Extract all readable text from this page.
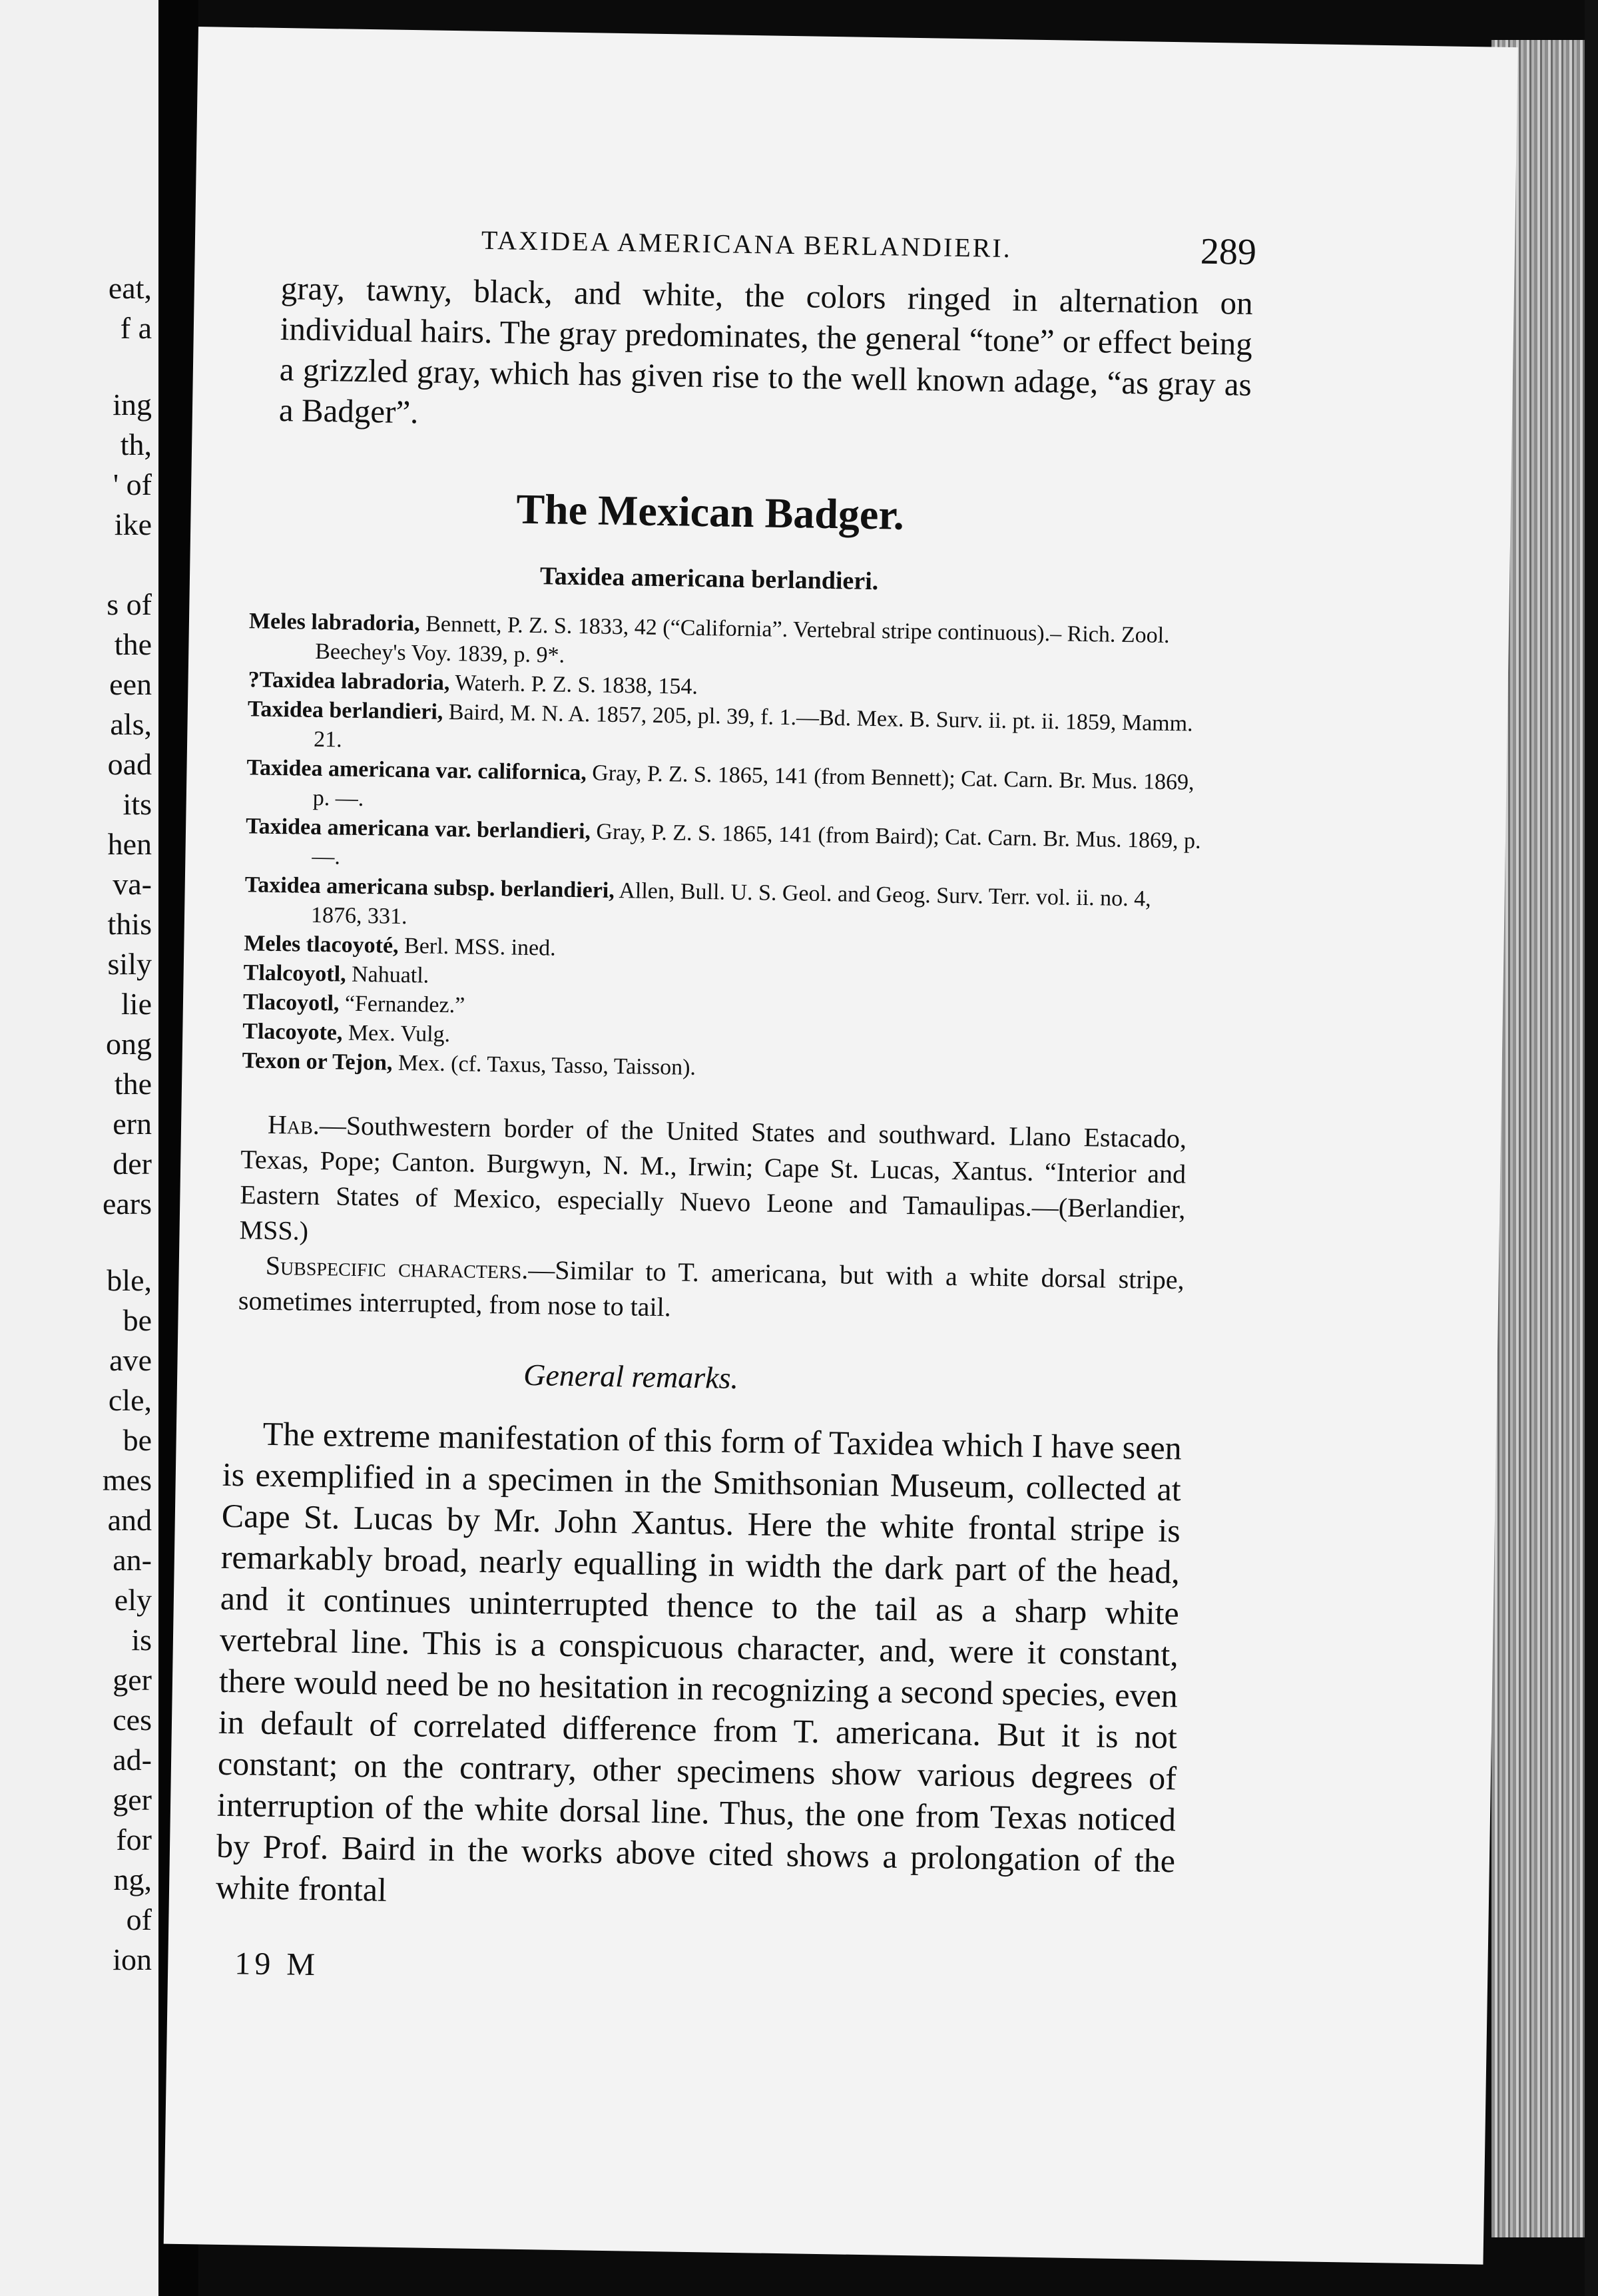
eat,
f a
ing
th,
' of
ike
s of
the
een
als,
oad
its
hen
va-
this
sily
lie
ong
the
ern
der
ears
ble,
be
ave
cle,
be
mes
and
an-
ely
is
ger
ces
ad-
ger
for
ng,
of
ion
TAXIDEA AMERICANA BERLANDIERI.	289
gray, tawny, black, and white, the colors ringed in alternation on individual hairs. The gray predominates, the general “tone” or effect being a grizzled gray, which has given rise to the well known adage, “as gray as a Badger”.
The Mexican Badger.
Taxidea americana berlandieri.

Meles labradoria, Bennett, P. Z. S. 1833, 42 (“California”. Vertebral stripe continuous).– Rich. Zool. Beechey's Voy. 1839, p. 9*.

?Taxidea labradoria, Waterh. P. Z. S. 1838, 154.

Taxidea berlandieri, Baird, M. N. A. 1857, 205, pl. 39, f. 1.—Bd. Mex. B. Surv. ii. pt. ii. 1859, Mamm. 21.

Taxidea americana var. californica, Gray, P. Z. S. 1865, 141 (from Bennett); Cat. Carn. Br. Mus. 1869, p. —.

Taxidea americana var. berlandieri, Gray, P. Z. S. 1865, 141 (from Baird); Cat. Carn. Br. Mus. 1869, p. —.

Taxidea americana subsp. berlandieri, Allen, Bull. U. S. Geol. and Geog. Surv. Terr. vol. ii. no. 4, 1876, 331.

Meles tlacoyoté, Berl. MSS. ined.

Tlalcoyotl, Nahuatl.

Tlacoyotl, “Fernandez.”

Tlacoyote, Mex. Vulg.

Texon or Tejon, Mex. (cf. Taxus, Tasso, Taisson).

Hab.—Southwestern border of the United States and southward. Llano Estacado, Texas, Pope; Canton. Burgwyn, N. M., Irwin; Cape St. Lucas, Xantus. “Interior and Eastern States of Mexico, especially Nuevo Leone and Tamaulipas.—(Berlandier, MSS.)

Subspecific characters.—Similar to T. americana, but with a white dorsal stripe, sometimes interrupted, from nose to tail.

General remarks.

The extreme manifestation of this form of Taxidea which I have seen is exemplified in a specimen in the Smithsonian Museum, collected at Cape St. Lucas by Mr. John Xantus. Here the white frontal stripe is remarkably broad, nearly equalling in width the dark part of the head, and it continues uninterrupted thence to the tail as a sharp white vertebral line. This is a conspicuous character, and, were it constant, there would need be no hesitation in recognizing a second species, even in default of correlated difference from T. americana. But it is not constant; on the contrary, other specimens show various degrees of interruption of the white dorsal line. Thus, the one from Texas noticed by Prof. Baird in the works above cited shows a prolongation of the white frontal

19 M
